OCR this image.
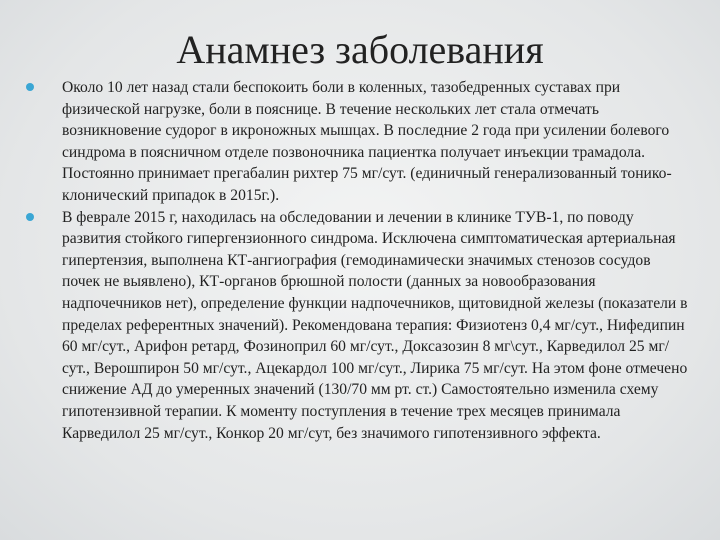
Анамнез заболевания
Около 10 лет назад стали беспокоить боли в коленных, тазобедренных суставах при физической нагрузке, боли в пояснице. В течение нескольких лет стала отмечать возникновение судорог в икроножных мышцах. В последние 2 года при усилении болевого синдрома в поясничном отделе позвоночника пациентка получает инъекции трамадола. Постоянно принимает прегабалин рихтер 75 мг/сут. (единичный генерализованный тонико-клонический припадок в 2015г.).
В феврале 2015 г, находилась на обследовании и лечении в клинике ТУВ-1, по поводу развития стойкого гипергензионного синдрома. Исключена симптоматическая артериальная гипертензия, выполнена КТ-ангиография (гемодинамически значимых стенозов сосудов почек не выявлено), КТ-органов брюшной полости (данных за новообразования надпочечников нет), определение функции надпочечников, щитовидной железы (показатели в пределах референтных значений). Рекомендована терапия: Физиотенз 0,4 мг/сут., Нифедипин 60 мг/сут., Арифон ретард, Фозиноприл 60 мг/сут., Доксазозин 8 мг\сут., Карведилол 25 мг/сут., Верошпирон 50 мг/сут., Ацекардол 100 мг/сут., Лирика 75 мг/сут. На этом фоне отмечено снижение АД до умеренных значений (130/70 мм рт. ст.) Самостоятельно изменила схему гипотензивной терапии. К моменту поступления в течение трех месяцев принимала Карведилол 25 мг/сут., Конкор 20 мг/сут, без значимого гипотензивного эффекта.
